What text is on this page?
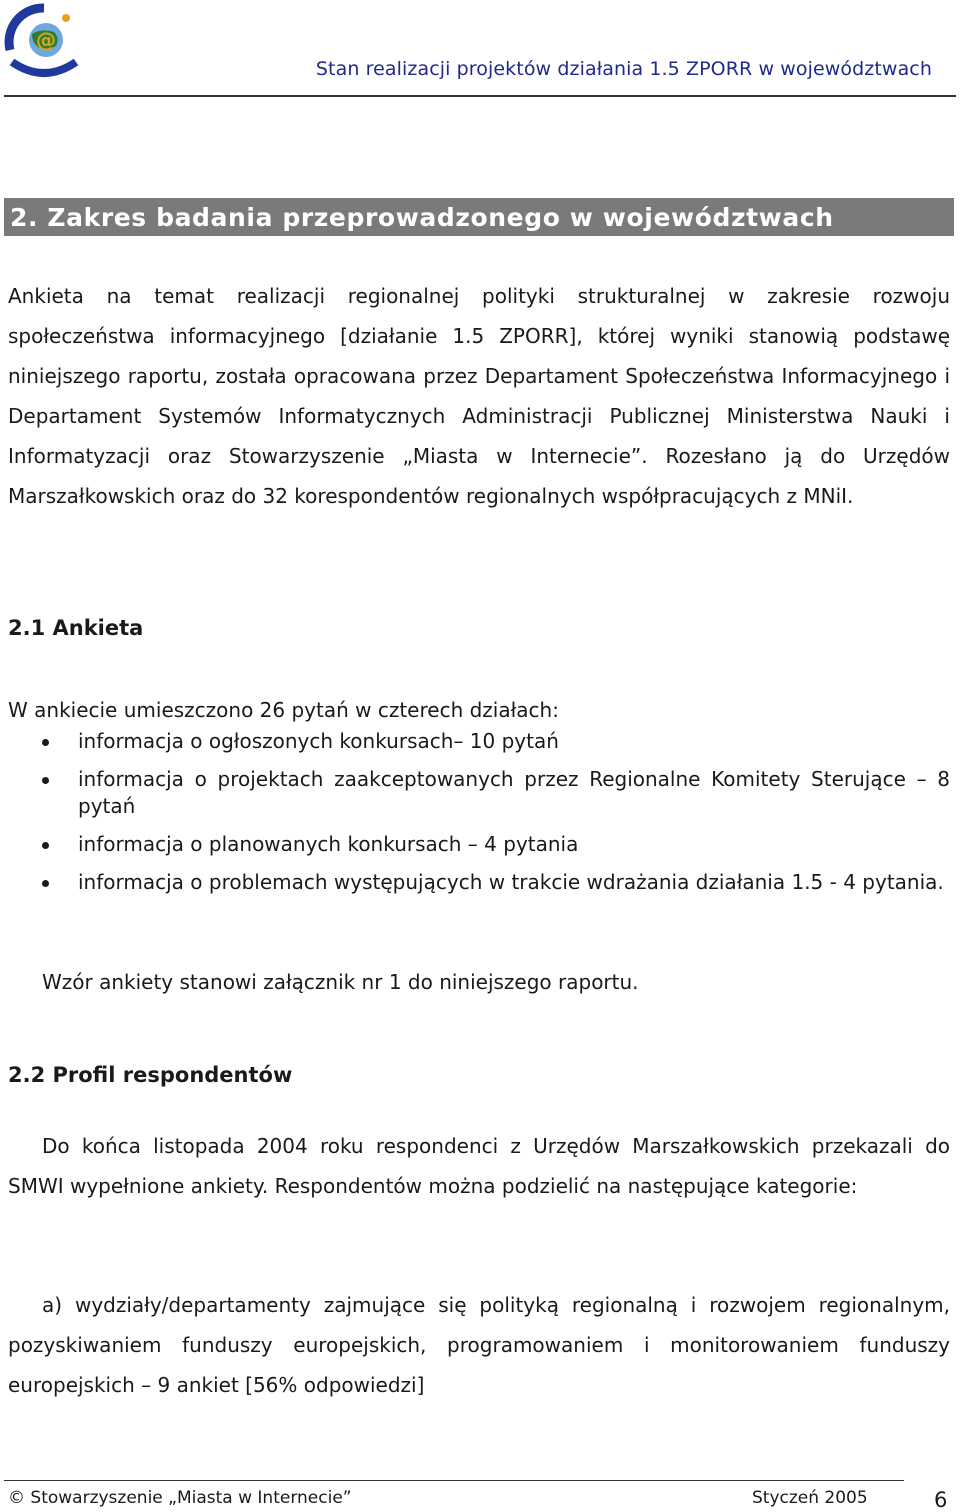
@
Stan realizacji projektów działania 1.5 ZPORR w województwach
2. Zakres badania przeprowadzonego w województwach

Ankieta na temat realizacji regionalnej polityki strukturalnej w zakresie rozwoju społeczeństwa informacyjnego [działanie 1.5 ZPORR], której wyniki stanowią podstawę niniejszego raportu, została opracowana przez Departament Społeczeństwa Informacyjnego i Departament Systemów Informatycznych Administracji Publicznej Ministerstwa Nauki i Informatyzacji oraz Stowarzyszenie „Miasta w Internecie”. Rozesłano ją do Urzędów Marszałkowskich oraz do 32 korespondentów regionalnych współpracujących z MNiI.

2.1 Ankieta

W ankiecie umieszczono 26 pytań w czterech działach:

informacja o ogłoszonych konkursach– 10 pytań
informacja o projektach zaakceptowanych przez Regionalne Komitety Sterujące – 8 pytań
informacja o planowanych konkursach – 4 pytania
informacja o problemach występujących w trakcie wdrażania działania 1.5 - 4 pytania.

Wzór ankiety stanowi załącznik nr 1 do niniejszego raportu.

2.2 Profil respondentów

Do końca listopada 2004 roku respondenci z Urzędów Marszałkowskich przekazali do SMWI wypełnione ankiety. Respondentów można podzielić na następujące kategorie:

a) wydziały/departamenty zajmujące się polityką regionalną i rozwojem regionalnym, pozyskiwaniem funduszy europejskich, programowaniem i monitorowaniem funduszy europejskich – 9 ankiet [56% odpowiedzi]

© Stowarzyszenie „Miasta w Internecie”	Styczeń 2005	6
